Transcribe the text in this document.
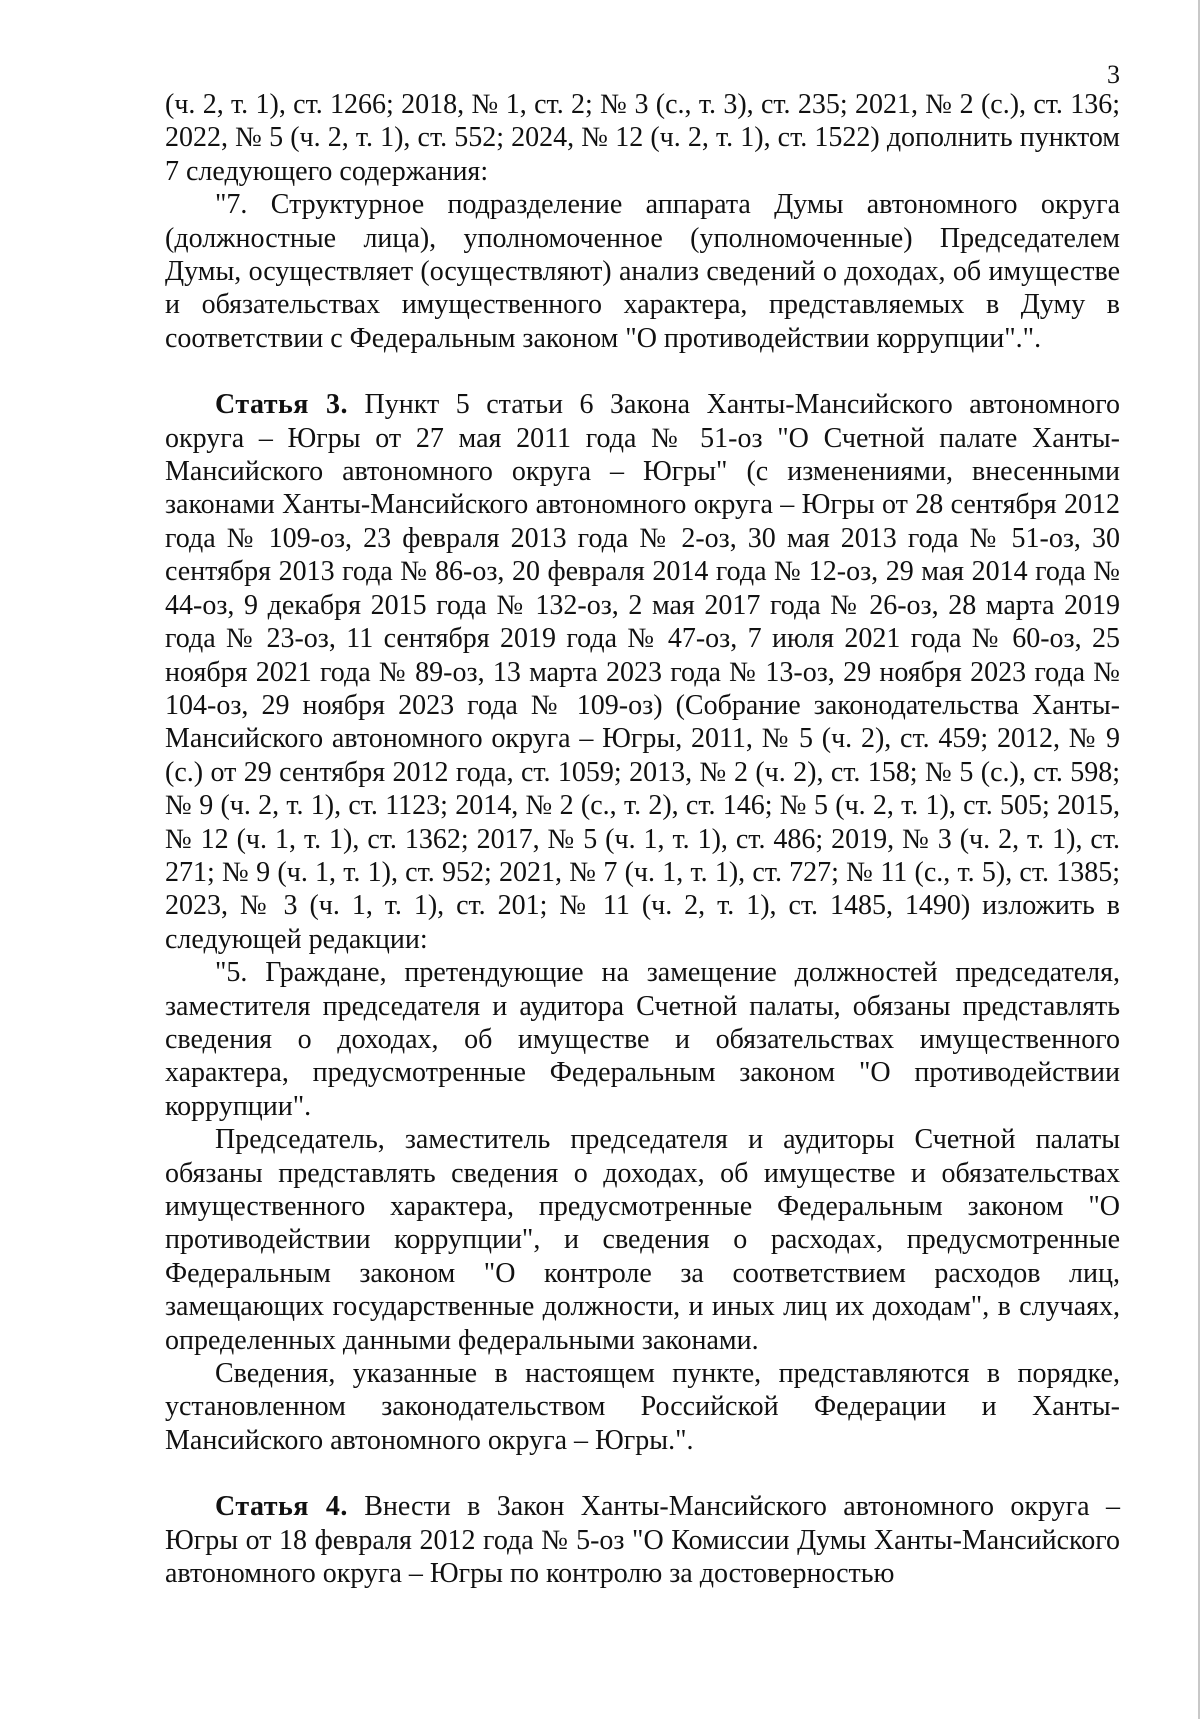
3

(ч. 2, т. 1), ст. 1266; 2018, № 1, ст. 2; № 3 (с., т. 3), ст. 235; 2021, № 2 (с.), ст. 136; 2022, № 5 (ч. 2, т. 1), ст. 552; 2024, № 12 (ч. 2, т. 1), ст. 1522) дополнить пунктом 7 следующего содержания:

"7. Структурное подразделение аппарата Думы автономного округа (должностные лица), уполномоченное (уполномоченные) Председателем Думы, осуществляет (осуществляют) анализ сведений о доходах, об имуществе и обязательствах имущественного характера, представляемых в Думу в соответствии с Федеральным законом "О противодействии коррупции".".

Статья 3. Пункт 5 статьи 6 Закона Ханты-Мансийского автономного округа – Югры от 27 мая 2011 года № 51-оз "О Счетной палате Ханты-Мансийского автономного округа – Югры" (с изменениями, внесенными законами Ханты-Мансийского автономного округа – Югры от 28 сентября 2012 года № 109-оз, 23 февраля 2013 года № 2-оз, 30 мая 2013 года № 51-оз, 30 сентября 2013 года № 86-оз, 20 февраля 2014 года № 12-оз, 29 мая 2014 года № 44-оз, 9 декабря 2015 года № 132-оз, 2 мая 2017 года № 26-оз, 28 марта 2019 года № 23-оз, 11 сентября 2019 года № 47-оз, 7 июля 2021 года № 60-оз, 25 ноября 2021 года № 89-оз, 13 марта 2023 года № 13-оз, 29 ноября 2023 года № 104-оз, 29 ноября 2023 года № 109-оз) (Собрание законодательства Ханты-Мансийского автономного округа – Югры, 2011, № 5 (ч. 2), ст. 459; 2012, № 9 (с.) от 29 сентября 2012 года, ст. 1059; 2013, № 2 (ч. 2), ст. 158; № 5 (с.), ст. 598; № 9 (ч. 2, т. 1), ст. 1123; 2014, № 2 (с., т. 2), ст. 146; № 5 (ч. 2, т. 1), ст. 505; 2015, № 12 (ч. 1, т. 1), ст. 1362; 2017, № 5 (ч. 1, т. 1), ст. 486; 2019, № 3 (ч. 2, т. 1), ст. 271; № 9 (ч. 1, т. 1), ст. 952; 2021, № 7 (ч. 1, т. 1), ст. 727; № 11 (с., т. 5), ст. 1385; 2023, № 3 (ч. 1, т. 1), ст. 201; № 11 (ч. 2, т. 1), ст. 1485, 1490) изложить в следующей редакции:

"5. Граждане, претендующие на замещение должностей председателя, заместителя председателя и аудитора Счетной палаты, обязаны представлять сведения о доходах, об имуществе и обязательствах имущественного характера, предусмотренные Федеральным законом "О противодействии коррупции".

Председатель, заместитель председателя и аудиторы Счетной палаты обязаны представлять сведения о доходах, об имуществе и обязательствах имущественного характера, предусмотренные Федеральным законом "О противодействии коррупции", и сведения о расходах, предусмотренные Федеральным законом "О контроле за соответствием расходов лиц, замещающих государственные должности, и иных лиц их доходам", в случаях, определенных данными федеральными законами.

Сведения, указанные в настоящем пункте, представляются в порядке, установленном законодательством Российской Федерации и Ханты-Мансийского автономного округа – Югры.".

Статья 4. Внести в Закон Ханты-Мансийского автономного округа – Югры от 18 февраля 2012 года № 5-оз "О Комиссии Думы Ханты-Мансийского автономного округа – Югры по контролю за достоверностью
